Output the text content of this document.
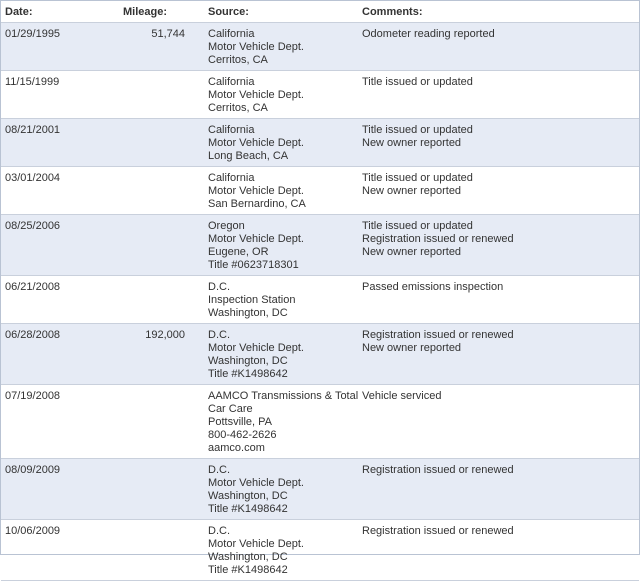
Date:	Mileage:	Source:	Comments:
01/29/1995	51,744	California
Motor Vehicle Dept.
Cerritos, CA	Odometer reading reported

11/15/1999		California
Motor Vehicle Dept.
Cerritos, CA	Title issued or updated

08/21/2001		California
Motor Vehicle Dept.
Long Beach, CA	Title issued or updated
New owner reported

03/01/2004		California
Motor Vehicle Dept.
San Bernardino, CA	Title issued or updated
New owner reported

08/25/2006		Oregon
Motor Vehicle Dept.
Eugene, OR
Title #0623718301	Title issued or updated
Registration issued or renewed
New owner reported

06/21/2008		D.C.
Inspection Station
Washington, DC	Passed emissions inspection

06/28/2008	192,000	D.C.
Motor Vehicle Dept.
Washington, DC
Title #K1498642	Registration issued or renewed
New owner reported

07/19/2008		AAMCO Transmissions & Total Car Care
Pottsville, PA
800-462-2626
aamco.com	Vehicle serviced

08/09/2009		D.C.
Motor Vehicle Dept.
Washington, DC
Title #K1498642	Registration issued or renewed

10/06/2009		D.C.
Motor Vehicle Dept.
Washington, DC
Title #K1498642	Registration issued or renewed
